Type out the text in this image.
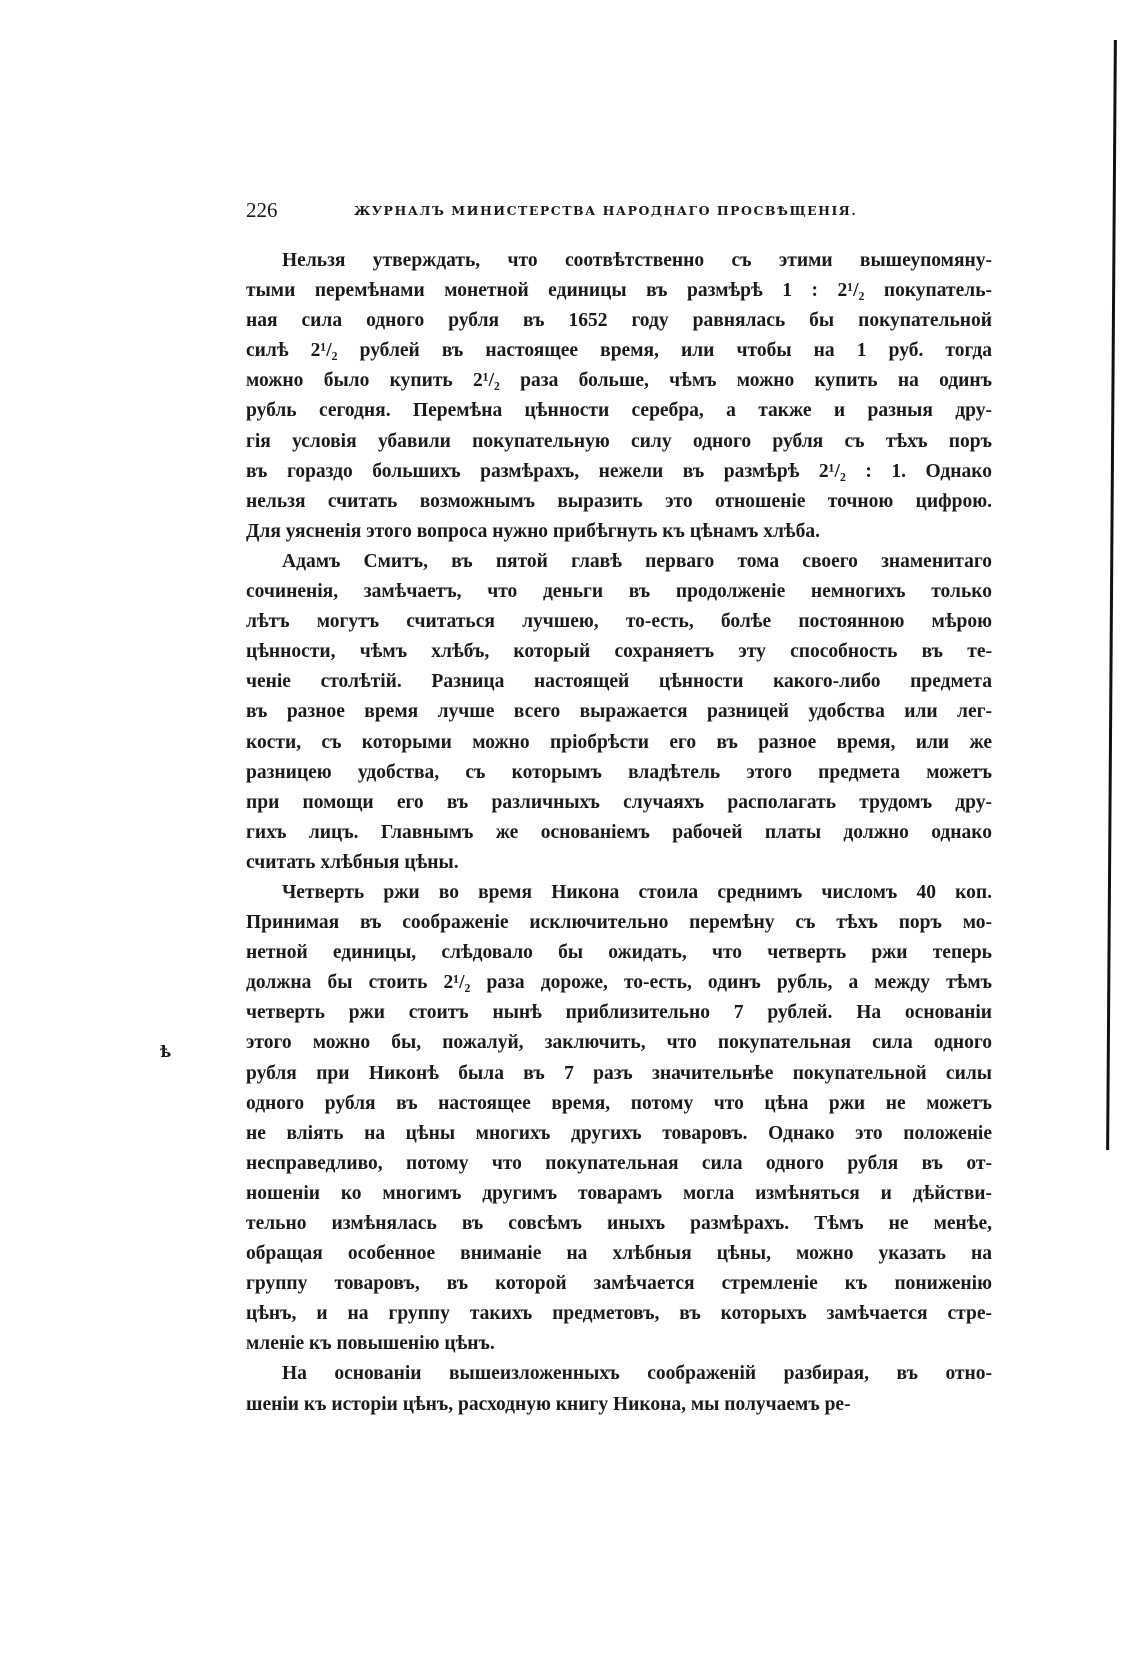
ѣ
226	ЖУРНАЛЪ МИНИСТЕРСТВА НАРОДНАГО ПРОСВѢЩЕНІЯ.
Нельзя утверждать, что соотвѣтственно съ этими вышеупомяну-
тыми перемѣнами монетной единицы въ размѣрѣ 1 : 2¹/₂ покупатель-
ная сила одного рубля въ 1652 году равнялась бы покупательной
силѣ 2¹/₂ рублей въ настоящее время, или чтобы на 1 руб. тогда
можно было купить 2¹/₂ раза больше, чѣмъ можно купить на одинъ
рубль сегодня. Перемѣна цѣнности серебра, а также и разныя дру-
гія условія убавили покупательную силу одного рубля съ тѣхъ поръ
въ гораздо большихъ размѣрахъ, нежели въ размѣрѣ 2¹/₂ : 1. Однако
нельзя считать возможнымъ выразить это отношеніе точною цифрою.
Для уясненія этого вопроса нужно прибѣгнуть къ цѣнамъ хлѣба.
Адамъ Смитъ, въ пятой главѣ перваго тома своего знаменитаго
сочиненія, замѣчаетъ, что деньги въ продолженіе немногихъ только
лѣтъ могутъ считаться лучшею, то-есть, болѣе постоянною мѣрою
цѣнности, чѣмъ хлѣбъ, который сохраняетъ эту способность въ те-
ченіе столѣтій. Разница настоящей цѣнности какого-либо предмета
въ разное время лучше всего выражается разницей удобства или лег-
кости, съ которыми можно пріобрѣсти его въ разное время, или же
разницею удобства, съ которымъ владѣтель этого предмета можетъ
при помощи его въ различныхъ случаяхъ располагать трудомъ дру-
гихъ лицъ. Главнымъ же основаніемъ рабочей платы должно однако
считать хлѣбныя цѣны.
Четверть ржи во время Никона стоила среднимъ числомъ 40 коп.
Принимая въ соображеніе исключительно перемѣну съ тѣхъ поръ мо-
нетной единицы, слѣдовало бы ожидать, что четверть ржи теперь
должна бы стоить 2¹/₂ раза дороже, то-есть, одинъ рубль, а между тѣмъ
четверть ржи стоитъ нынѣ приблизительно 7 рублей. На основаніи
этого можно бы, пожалуй, заключить, что покупательная сила одного
рубля при Никонѣ была въ 7 разъ значительнѣе покупательной силы
одного рубля въ настоящее время, потому что цѣна ржи не можетъ
не вліять на цѣны многихъ другихъ товаровъ. Однако это положеніе
несправедливо, потому что покупательная сила одного рубля въ от-
ношеніи ко многимъ другимъ товарамъ могла измѣняться и дѣйстви-
тельно измѣнялась въ совсѣмъ иныхъ размѣрахъ. Тѣмъ не менѣе,
обращая особенное вниманіе на хлѣбныя цѣны, можно указать на
группу товаровъ, въ которой замѣчается стремленіе къ пониженію
цѣнъ, и на группу такихъ предметовъ, въ которыхъ замѣчается стре-
мленіе къ повышенію цѣнъ.
На основаніи вышеизложенныхъ соображеній разбирая, въ отно-
шеніи къ исторіи цѣнъ, расходную книгу Никона, мы получаемъ ре-
